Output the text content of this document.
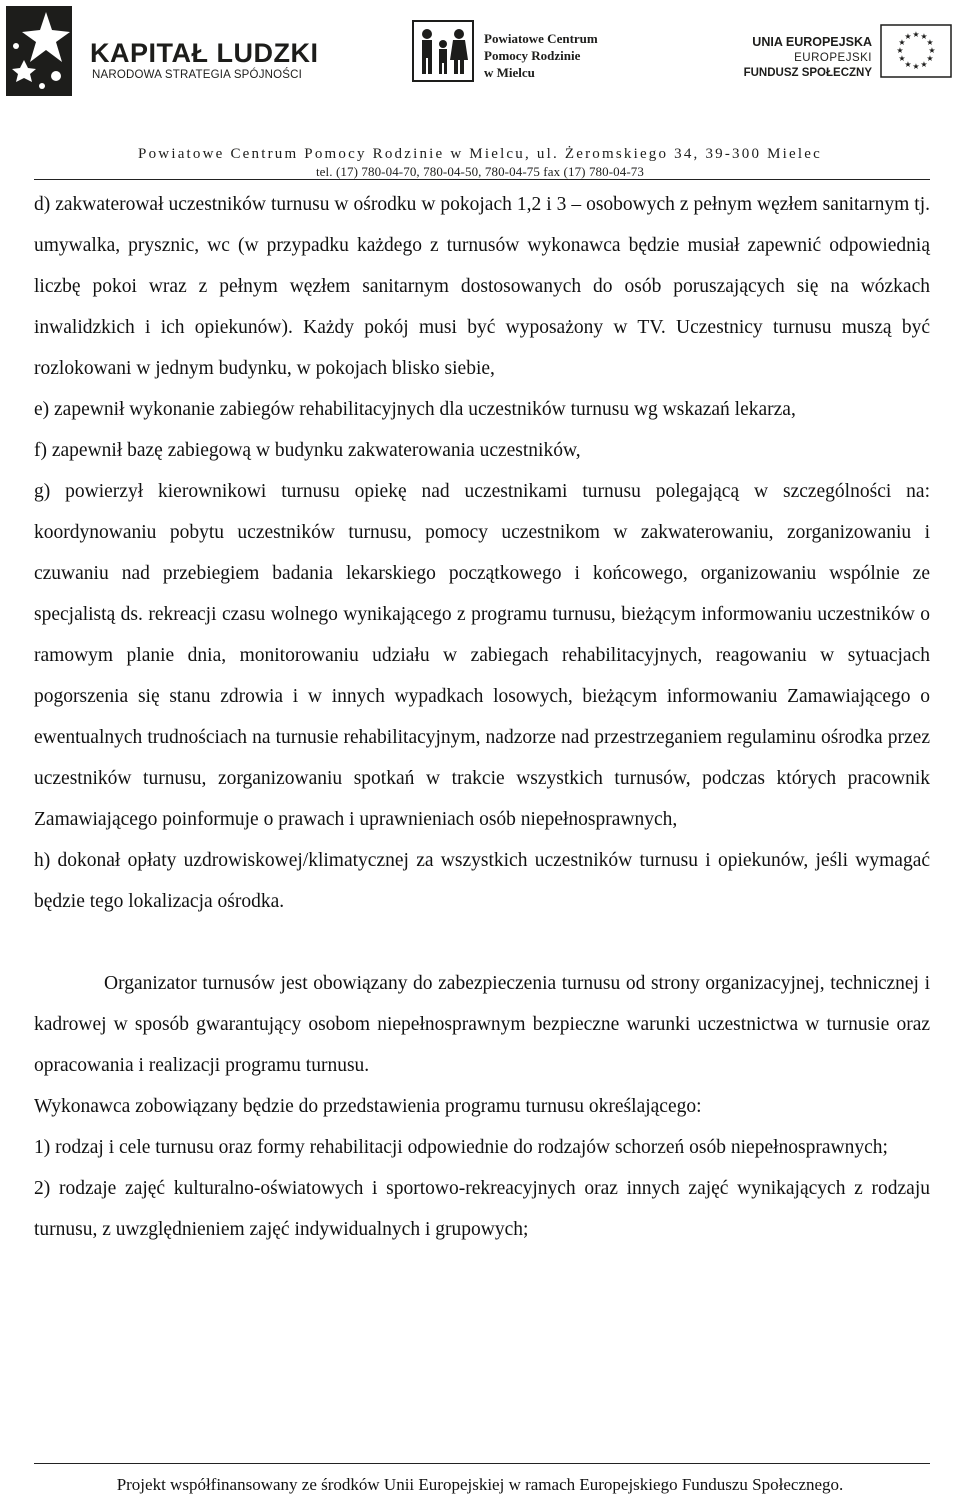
KAPITAŁ LUDZKI
NARODOWA STRATEGIA SPÓJNOŚCI
Powiatowe Centrum
Pomocy Rodzinie
w Mielcu
UNIA EUROPEJSKA
EUROPEJSKI
FUNDUSZ SPOŁECZNY
★ ★
★
★
★
★
★
★
★
★
★
★
Powiatowe Centrum Pomocy Rodzinie w Mielcu, ul. Żeromskiego 34, 39-300 Mielec
tel. (17) 780-04-70, 780-04-50, 780-04-75 fax (17) 780-04-73

d) zakwaterował uczestników turnusu w ośrodku w pokojach 1,2 i 3 – osobowych z pełnym węzłem sanitarnym tj. umywalka, prysznic, wc (w przypadku każdego z turnusów wykonawca będzie musiał zapewnić odpowiednią liczbę pokoi wraz z pełnym węzłem sanitarnym dostosowanych do osób poruszających się na wózkach inwalidzkich i ich opiekunów). Każdy pokój musi być wyposażony w TV. Uczestnicy turnusu muszą być rozlokowani w jednym budynku, w pokojach blisko siebie,

e) zapewnił wykonanie zabiegów rehabilitacyjnych dla uczestników turnusu wg wskazań lekarza,

f) zapewnił bazę zabiegową w budynku zakwaterowania uczestników,

g) powierzył kierownikowi turnusu opiekę nad uczestnikami turnusu polegającą w szczególności na: koordynowaniu pobytu uczestników turnusu, pomocy uczestnikom w zakwaterowaniu, zorganizowaniu i czuwaniu nad przebiegiem badania lekarskiego początkowego i końcowego, organizowaniu wspólnie ze specjalistą ds. rekreacji czasu wolnego wynikającego z programu turnusu, bieżącym informowaniu uczestników o ramowym planie dnia, monitorowaniu udziału w zabiegach rehabilitacyjnych, reagowaniu w sytuacjach pogorszenia się stanu zdrowia i w innych wypadkach losowych, bieżącym informowaniu Zamawiającego o ewentualnych trudnościach na turnusie rehabilitacyjnym, nadzorze nad przestrzeganiem regulaminu ośrodka przez uczestników turnusu, zorganizowaniu spotkań w trakcie wszystkich turnusów, podczas których pracownik Zamawiającego poinformuje o prawach i uprawnieniach osób niepełnosprawnych,

h) dokonał opłaty uzdrowiskowej/klimatycznej za wszystkich uczestników turnusu i opiekunów, jeśli wymagać będzie tego lokalizacja ośrodka.

Organizator turnusów jest obowiązany do zabezpieczenia turnusu od strony organizacyjnej, technicznej i kadrowej w sposób gwarantujący osobom niepełnosprawnym bezpieczne warunki uczestnictwa w turnusie oraz opracowania i realizacji programu turnusu.

Wykonawca zobowiązany będzie do przedstawienia programu turnusu określającego:

1) rodzaj i cele turnusu oraz formy rehabilitacji odpowiednie do rodzajów schorzeń osób niepełnosprawnych;

2) rodzaje zajęć kulturalno-oświatowych i sportowo-rekreacyjnych oraz innych zajęć wynikających z rodzaju turnusu, z uwzględnieniem zajęć indywidualnych i grupowych;

Projekt współfinansowany ze środków Unii Europejskiej w ramach Europejskiego Funduszu Społecznego.
